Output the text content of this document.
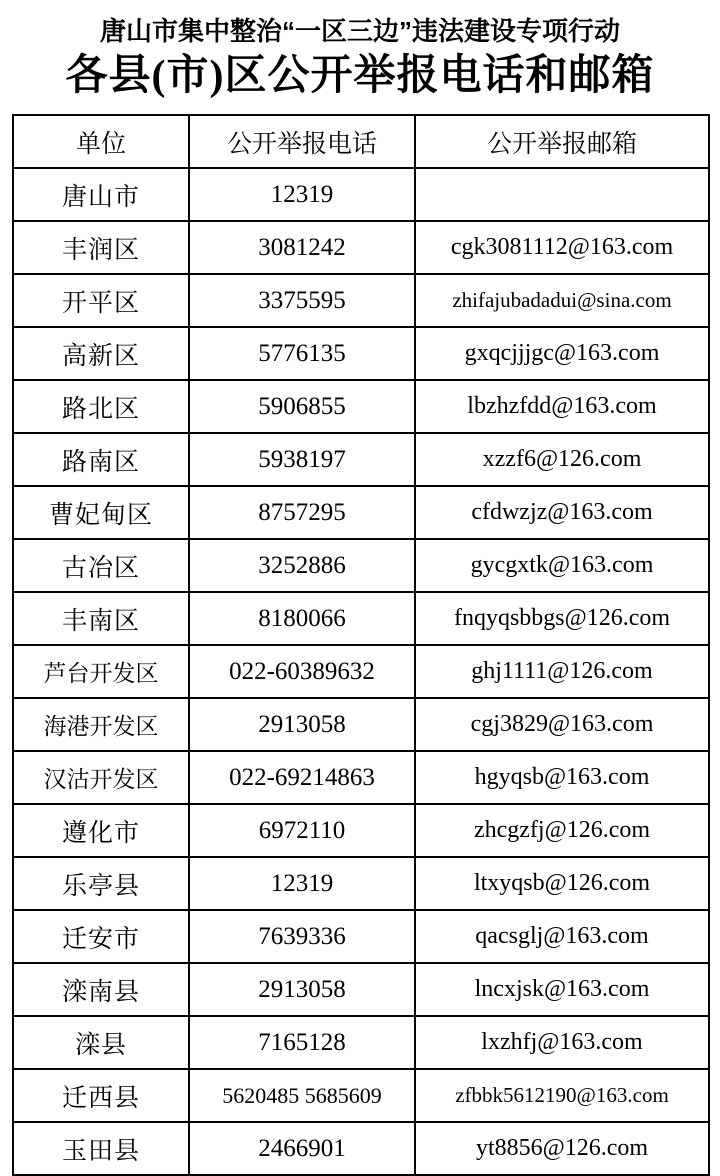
唐山市集中整治“一区三边”违法建设专项行动
各县(市)区公开举报电话和邮箱
单位	公开举报电话	公开举报邮箱
唐山市	12319	
丰润区	3081242	cgk3081112@163.com
开平区	3375595	zhifajubadadui@sina.com
高新区	5776135	gxqcjjjgc@163.com
路北区	5906855	lbzhzfdd@163.com
路南区	5938197	xzzf6@126.com
曹妃甸区	8757295	cfdwzjz@163.com
古冶区	3252886	gycgxtk@163.com
丰南区	8180066	fnqyqsbbgs@126.com
芦台开发区	022-60389632	ghj1111@126.com
海港开发区	2913058	cgj3829@163.com
汉沽开发区	022-69214863	hgyqsb@163.com
遵化市	6972110	zhcgzfj@126.com
乐亭县	12319	ltxyqsb@126.com
迁安市	7639336	qacsglj@163.com
滦南县	2913058	lncxjsk@163.com
滦县	7165128	lxzhfj@163.com
迁西县	5620485 5685609	zfbbk5612190@163.com
玉田县	2466901	yt8856@126.com
